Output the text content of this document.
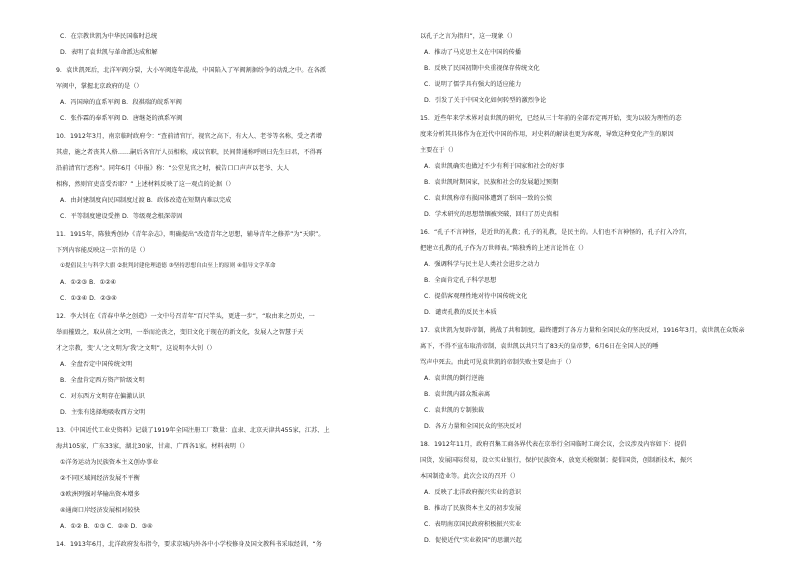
C．在宗教世凯为中华民国临时总统
D．表明了袁世凯与革命派达成和解
9．袁世凯死后，北洋军阀分裂，大小军阀连年混战，中国陷入了军阀割据纷争的动乱之中。在各派
军阀中，掌握北京政府的是（）
A．冯国璋的直系军阀 B．段祺瑞的皖系军阀
C．张作霖的奉系军阀 D．唐继尧的滇系军阀
10．1912年3月，南京临时政府令：“查前清官厅，视官之高下，有大人、老爷等名称，受之者增
其虚，施之者丧其人格……嗣后各官厅人员相称，咸以官职，民间普通称呼则曰先生曰君，不得再
沿前清官厅恶称”。同年6月《申报》称：“公堂见官之时，被告口口声声以老爷、大人
相称，然则官吏喜受否耶？” 上述材料反映了这一观点的论据（）
A．由封建制度向民国制度过渡 B．政体改造在短期内难以完成
C．平等制度建设受挫 D．等级观念根深蒂固
11．1915年，陈独秀创办《青年杂志》，明确提出“改造青年之思想，辅导青年之修养”为“天职”。
下列内容能反映这一宗旨的是（）
①提倡民主与科学大旗 ②批判封建伦理道德 ③坚持思想自由至上的原则 ④倡导文学革命
A．①②③ B．①②④
C．①③④ D．②③④
12．李大钊在《青春中华之创造》一文中号召青年“百尺竿头，更进一步”，“取由来之历史，一
举而摧毁之，取从前之文明，一举而沦丧之，变旧文化于现在的新文化，发展人之智慧于天
才之宗教，变‘人’之文明为‘我’之文明”，这说明李大钊（）
A．全盘否定中国传统文明
B．全盘肯定西方资产阶级文明
C．对东西方文明存在偏激认识
D．主张有选择地吸收西方文明
13．《中国近代工业史资料》记载了1919年全国注册工厂数量：直隶、北京天津共455家，江苏、上
海共105家，广东33家，湖北30家，甘肃、广西各1家。材料表明（）
①洋务运动为民族资本主义创办事业
②不同区域间经济发展不平衡
③欧洲列强对华输出资本增多
④通商口岸经济发展相对较快
A．①② B．①③ C．②④ D．③④
14．1913年6月，北洋政府发布指令，要求京城内外各中小学校修身及国文教科书采取经训，“务
以孔子之言为指归”，这一现象（）
A．推动了马克思主义在中国的传播
B．反映了民国初期中央重视保存传统文化
C．说明了儒学具有强大的适应能力
D．引发了关于中国文化如何转型的激烈争论
15．近些年来学术界对袁世凯的研究，已经从三十年前的全部否定再开始，变为以较为理性的态
度来分析其具体作为在近代中国的作用，对史料的解读也更为客观，导致这种变化产生的原因
主要在于（）
A．袁世凯确实也做过不少有利于国家和社会的好事
B．袁世凯时期国家，民族和社会的发展超过预期
C．袁世凯称帝有损国体遭到了举国一致的公愤
D．学术研究的思想禁锢被突破，回归了历史真相
16．“孔子不言神怪，是近世的礼教；孔子的礼教，是民主的。人们也不言神怪的，孔子打入冷宫，
把建立孔教的孔子作为万世师表。”陈独秀的上述言论旨在（）
A．强调科学与民主是人类社会进步之动力
B．全面肯定孔子科学思想
C．提倡客观理性地对待中国传统文化
D．谴责孔教的反民主本质
17．袁世凯为复辟帝制，挑战了共和制度，最终遭到了各方力量和全国民众的坚决反对，1916年3月，袁世凯在众叛亲
离下，不得不宣布取消帝制，袁世凯以共只当了83天的皇帝梦，6月6日在全国人民的唾
骂声中死去。由此可见袁世凯的帝制失败主要是由于（）
A．袁世凯的倒行逆施
B．袁世凯内部众叛亲离
C．袁世凯的专制独裁
D．各方力量和全国民众的坚决反对
18．1912年11月，政府召集工商各界代表在京举行全国临时工商会议，会议涉及内容如下：提倡
国货，发展国际贸易，设立实业银行，保护民族资本，放宽关税限制；提倡国货，创制新技术，振兴
本国制造业等。此次会议的召开（）
A．反映了北洋政府振兴实业的意识
B．推动了民族资本主义的初步发展
C．表明南京国民政府积极振兴实业
D．促使近代“实业救国”的思潮兴起
